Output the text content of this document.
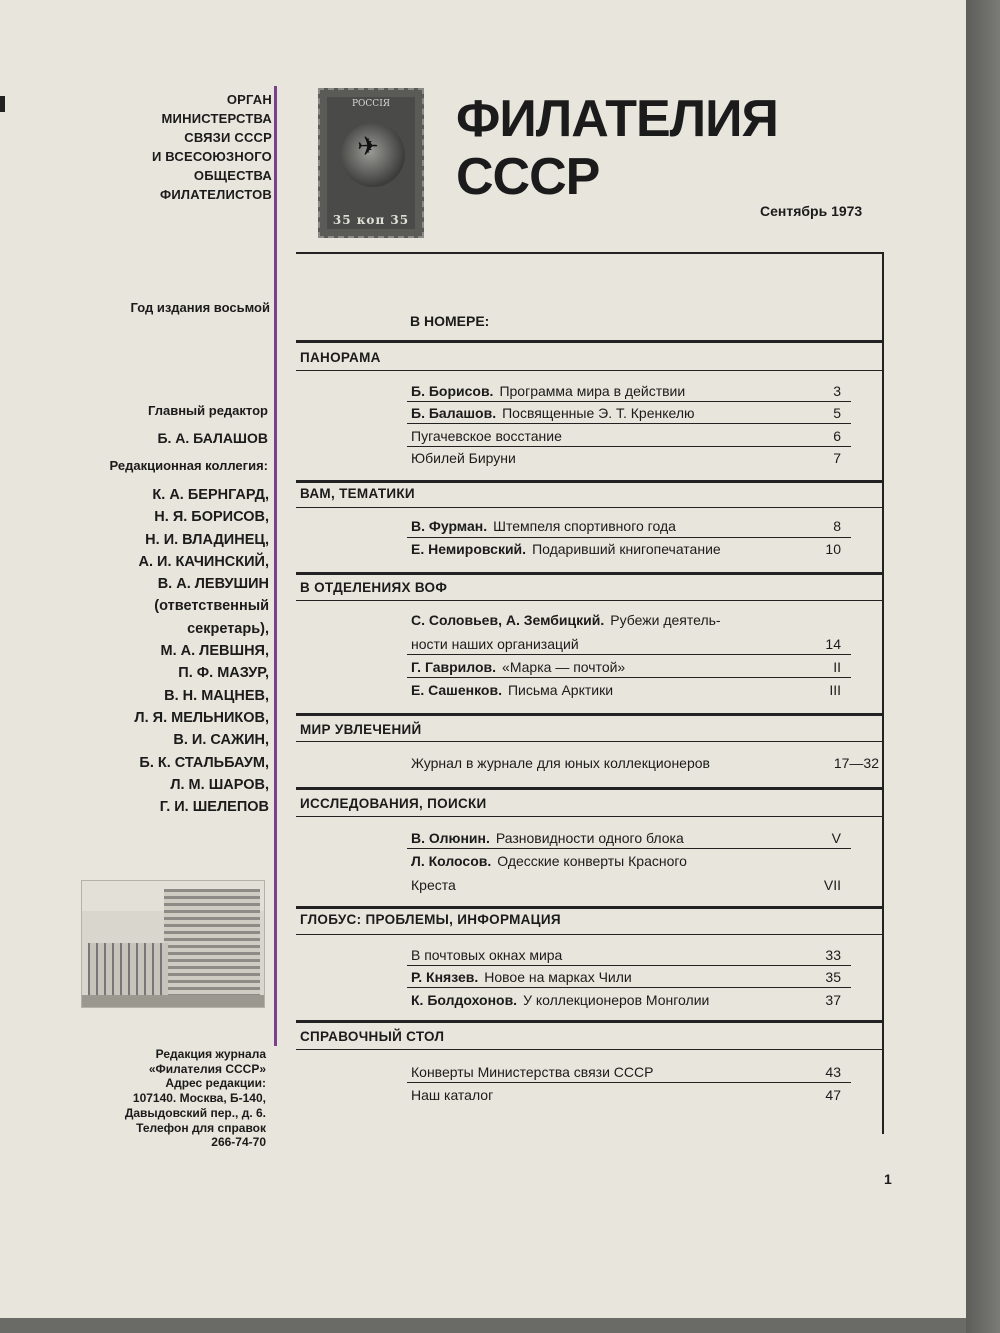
ОРГАН
МИНИСТЕРСТВА
СВЯЗИ СССР
И ВСЕСОЮЗНОГО
ОБЩЕСТВА
ФИЛАТЕЛИСТОВ
РОССІЯ
✈
35 коп 35
ФИЛАТЕЛИЯ
СССР
Сентябрь 1973
Год издания восьмой
Главный редактор
Б. А. БАЛАШОВ
Редакционная коллегия:
К. А. БЕРНГАРД,
Н. Я. БОРИСОВ,
Н. И. ВЛАДИНЕЦ,
А. И. КАЧИНСКИЙ,
В. А. ЛЕВУШИН
(ответственный
секретарь),
М. А. ЛЕВШНЯ,
П. Ф. МАЗУР,
В. Н. МАЦНЕВ,
Л. Я. МЕЛЬНИКОВ,
В. И. САЖИН,
Б. К. СТАЛЬБАУМ,
Л. М. ШАРОВ,
Г. И. ШЕЛЕПОВ
Редакция журнала
«Филателия СССР»
Адрес редакции:
107140. Москва, Б-140,
Давыдовский пер., д. 6.
Телефон для справок
266-74-70
В НОМЕРЕ:
ПАНОРАМА
Б. Борисов. Программа мира в действии	3
Б. Балашов. Посвященные Э. Т. Кренкелю	5
Пугачевское восстание	6
Юбилей Бируни	7
ВАМ, ТЕМАТИКИ
В. Фурман. Штемпеля спортивного года	8
Е. Немировский. Подаривший книгопечатание	10
В ОТДЕЛЕНИЯХ ВОФ
С. Соловьев, А. Зембицкий. Рубежи деятель-
ности наших организаций	14
Г. Гаврилов. «Марка — почтой»	II
Е. Сашенков. Письма Арктики	III
МИР УВЛЕЧЕНИЙ
Журнал в журнале для юных коллекционеров	17—32
ИССЛЕДОВАНИЯ, ПОИСКИ
В. Олюнин. Разновидности одного блока	V
Л. Колосов. Одесские конверты Красного
Креста	VII
ГЛОБУС: ПРОБЛЕМЫ, ИНФОРМАЦИЯ
В почтовых окнах мира	33
Р. Князев. Новое на марках Чили	35
К. Болдохонов. У коллекционеров Монголии	37
СПРАВОЧНЫЙ СТОЛ
Конверты Министерства связи СССР	43
Наш каталог	47
1
